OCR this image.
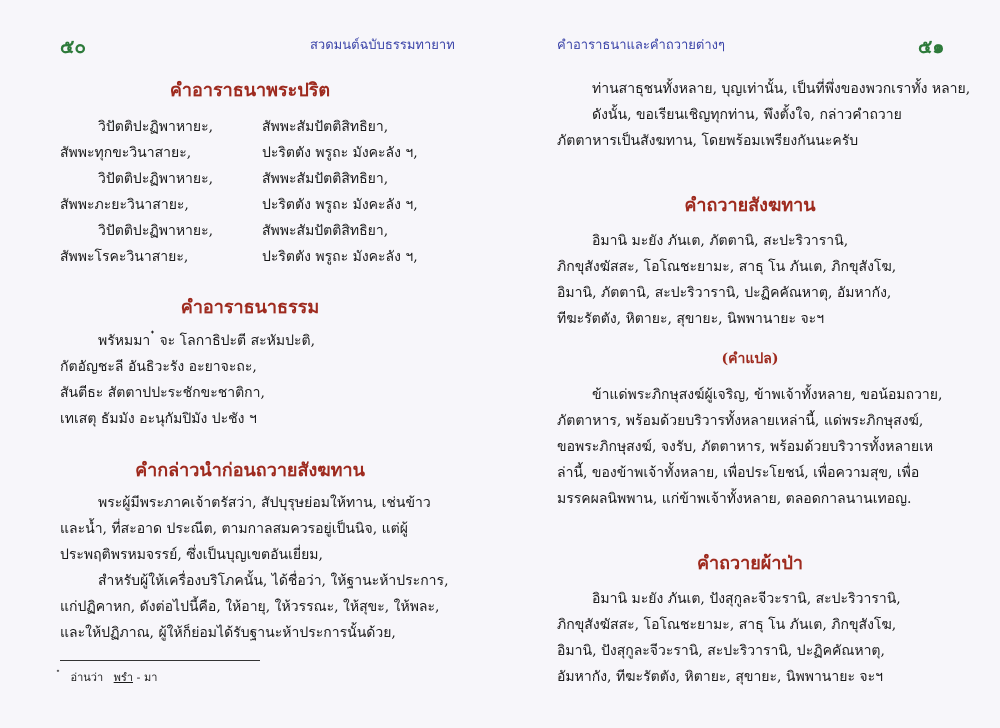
๕๐	สวดมนต์ฉบับธรรมทายาท
คำอาราธนาพระปริต
วิปัตติปะฏิพาหายะ,	สัพพะสัมปัตติสิทธิยา,
สัพพะทุกขะวินาสายะ,	ปะริตตัง พรูถะ มังคะลัง ฯ,
วิปัตติปะฏิพาหายะ,	สัพพะสัมปัตติสิทธิยา,
สัพพะภะยะวินาสายะ,	ปะริตตัง พรูถะ มังคะลัง ฯ,
วิปัตติปะฏิพาหายะ,	สัพพะสัมปัตติสิทธิยา,
สัพพะโรคะวินาสายะ,	ปะริตตัง พรูถะ มังคะลัง ฯ,
คำอาราธนาธรรม
พรัหมมา ๋ จะ โลกาธิปะตี สะหัมปะติ,
กัตอัญชะลี อันธิวะรัง อะยาจะถะ,
สันตีธะ สัตตาปปะระชักขะชาติกา,
เทเสตุ ธัมมัง อะนุกัมปิมัง ปะชัง ฯ
คำกล่าวนำก่อนถวายสังฆทาน
พระผู้มีพระภาคเจ้าตรัสว่า, สัปบุรุษย่อมให้ทาน, เช่นข้าว
และน้ำ, ที่สะอาด ประณีต, ตามกาลสมควรอยู่เป็นนิจ, แต่ผู้
ประพฤติพรหมจรรย์, ซึ่งเป็นบุญเขตอันเยี่ยม,
สำหรับผู้ให้เครื่องบริโภคนั้น, ได้ชื่อว่า, ให้ฐานะห้าประการ,
แก่ปฏิคาหก, ดังต่อไปนี้คือ, ให้อายุ, ให้วรรณะ, ให้สุขะ, ให้พละ,
และให้ปฏิภาณ, ผู้ให้ก็ย่อมได้รับฐานะห้าประการนั้นด้วย,
อ่านว่า พรำ - มา
คำอาราธนาและคำถวายต่างๆ	๕๑
ท่านสาธุชนทั้งหลาย, บุญเท่านั้น, เป็นที่พึ่งของพวกเราทั้ง หลาย,
ดังนั้น, ขอเรียนเชิญทุกท่าน, พึงตั้งใจ, กล่าวคำถวาย
ภัตตาหารเป็นสังฆทาน, โดยพร้อมเพรียงกันนะครับ
คำถวายสังฆทาน
อิมานิ มะยัง ภันเต, ภัตตานิ, สะปะริวารานิ,
ภิกขุสังฆัสสะ, โอโณชะยามะ, สาธุ โน ภันเต, ภิกขุสังโฆ,
อิมานิ, ภัตตานิ, สะปะริวารานิ, ปะฏิคคัณหาตุ, อัมหากัง,
ทีฆะรัตตัง, หิตายะ, สุขายะ, นิพพานายะ จะฯ
(คำแปล)
ข้าแด่พระภิกษุสงฆ์ผู้เจริญ, ข้าพเจ้าทั้งหลาย, ขอน้อมถวาย,
ภัตตาหาร, พร้อมด้วยบริวารทั้งหลายเหล่านี้, แด่พระภิกษุสงฆ์,
ขอพระภิกษุสงฆ์, จงรับ, ภัตตาหาร, พร้อมด้วยบริวารทั้งหลายเห
ล่านี้, ของข้าพเจ้าทั้งหลาย, เพื่อประโยชน์, เพื่อความสุข, เพื่อ
มรรคผลนิพพาน, แก่ข้าพเจ้าทั้งหลาย, ตลอดกาลนานเทอญ.
คำถวายผ้าป่า
อิมานิ มะยัง ภันเต, ปังสุกูละจีวะรานิ, สะปะริวารานิ,
ภิกขุสังฆัสสะ, โอโณชะยามะ, สาธุ โน ภันเต, ภิกขุสังโฆ,
อิมานิ, ปังสุกูละจีวะรานิ, สะปะริวารานิ, ปะฏิคคัณหาตุ,
อัมหากัง, ทีฆะรัตตัง, หิตายะ, สุขายะ, นิพพานายะ จะฯ
